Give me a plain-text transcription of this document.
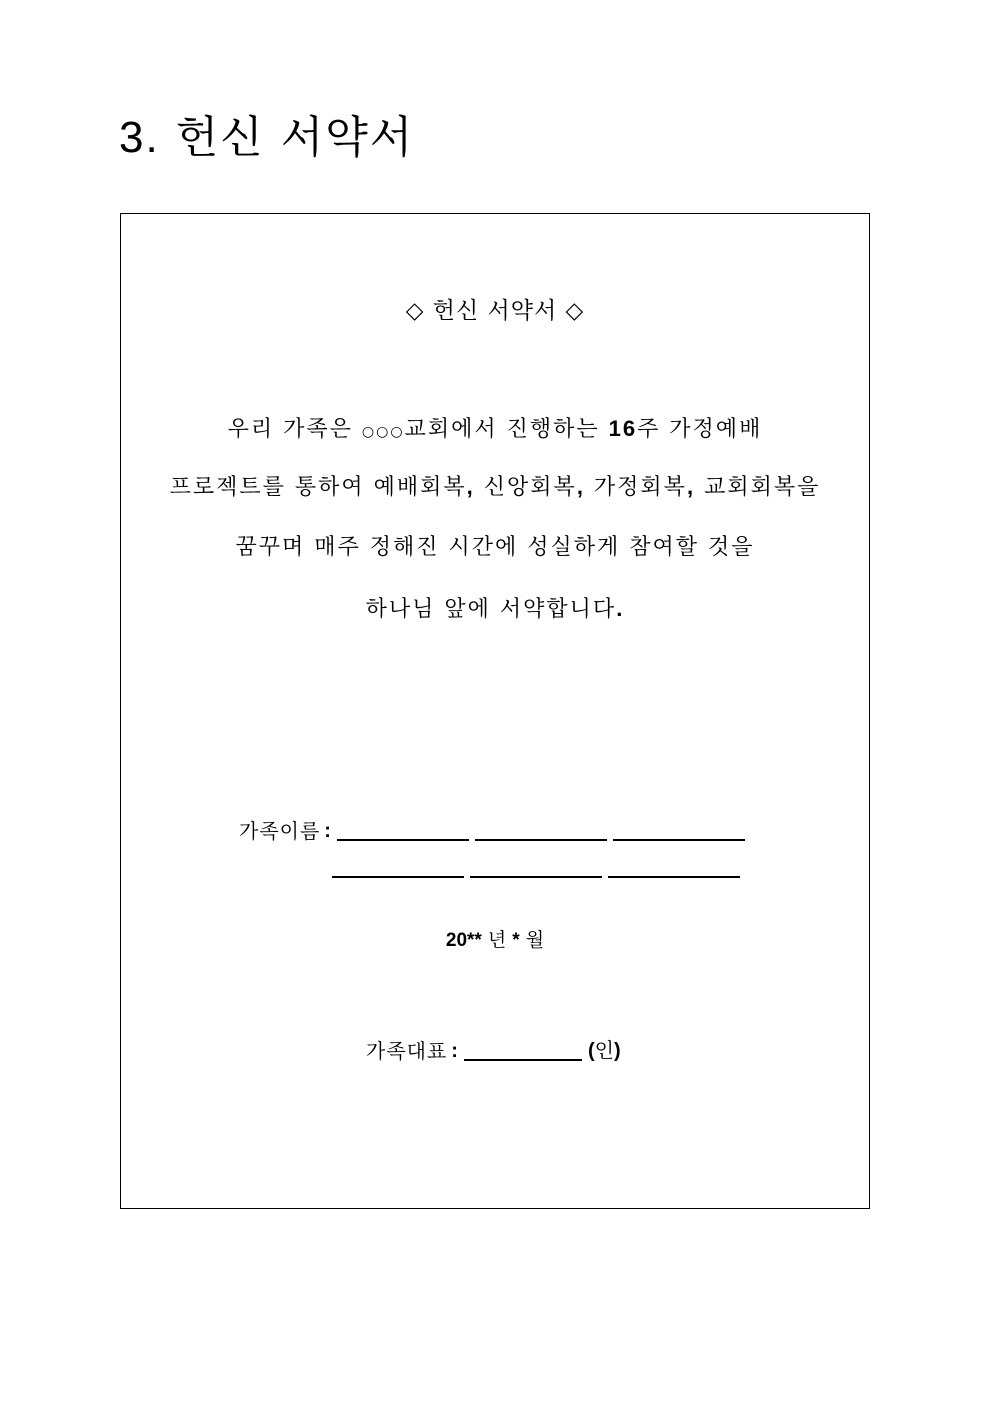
3. 헌신 서약서
◇ 헌신 서약서 ◇
우리 가족은 ○○○교회에서 진행하는 16주 가정예배
프로젝트를 통하여 예배회복, 신앙회복, 가정회복, 교회회복을
꿈꾸며 매주 정해진 시간에 성실하게 참여할 것을
하나님 앞에 서약합니다.
가족이름 :
20** 년 * 월
가족대표 :	(인)
